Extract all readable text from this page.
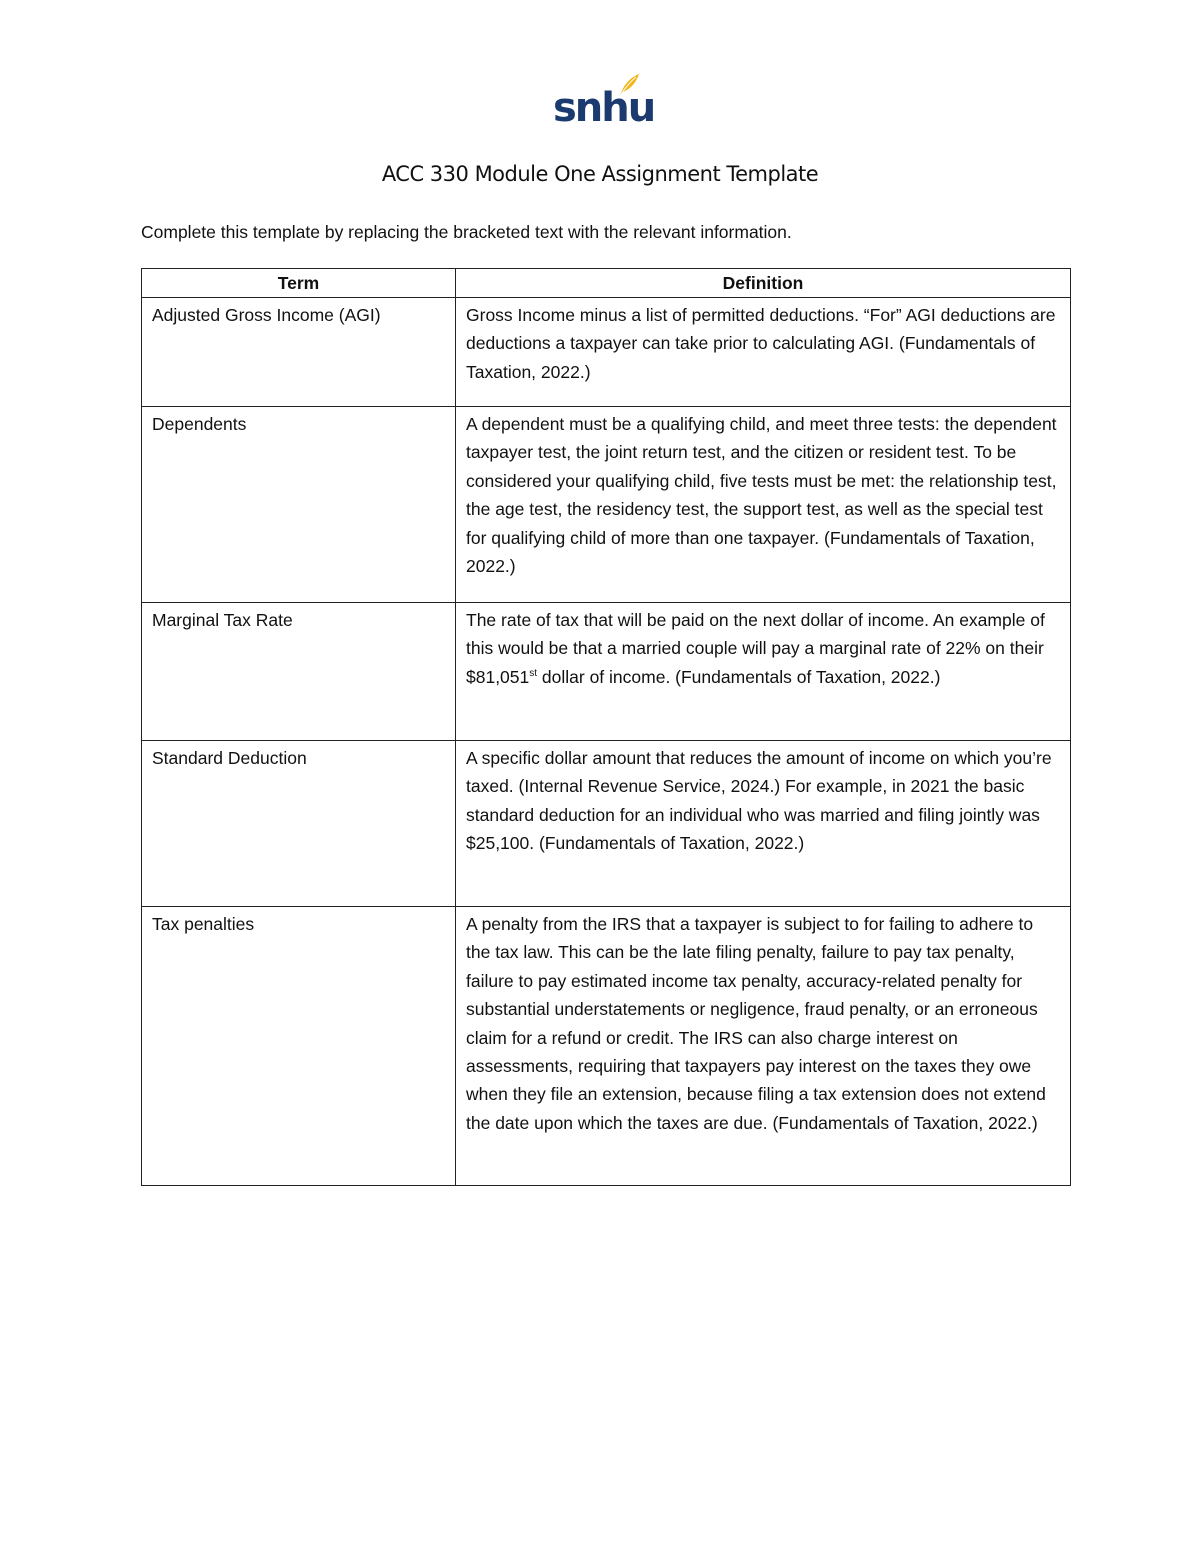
snhu
ACC 330 Module One Assignment Template
Complete this template by replacing the bracketed text with the relevant information.
Term	Definition
Adjusted Gross Income (AGI)	Gross Income minus a list of permitted deductions. “For” AGI deductions are deductions a taxpayer can take prior to calculating AGI. (Fundamentals of Taxation, 2022.)
Dependents	A dependent must be a qualifying child, and meet three tests: the dependent taxpayer test, the joint return test, and the citizen or resident test. To be considered your qualifying child, five tests must be met: the relationship test, the age test, the residency test, the support test, as well as the special test for qualifying child of more than one taxpayer. (Fundamentals of Taxation, 2022.)
Marginal Tax Rate	The rate of tax that will be paid on the next dollar of income. An example of this would be that a married couple will pay a marginal rate of 22% on their $81,051st dollar of income. (Fundamentals of Taxation, 2022.)
Standard Deduction	A specific dollar amount that reduces the amount of income on which you’re taxed. (Internal Revenue Service, 2024.) For example, in 2021 the basic standard deduction for an individual who was married and filing jointly was $25,100. (Fundamentals of Taxation, 2022.)
Tax penalties	A penalty from the IRS that a taxpayer is subject to for failing to adhere to the tax law. This can be the late filing penalty, failure to pay tax penalty, failure to pay estimated income tax penalty, accuracy-related penalty for substantial understatements or negligence, fraud penalty, or an erroneous claim for a refund or credit. The IRS can also charge interest on assessments, requiring that taxpayers pay interest on the taxes they owe when they file an extension, because filing a tax extension does not extend the date upon which the taxes are due. (Fundamentals of Taxation, 2022.)
